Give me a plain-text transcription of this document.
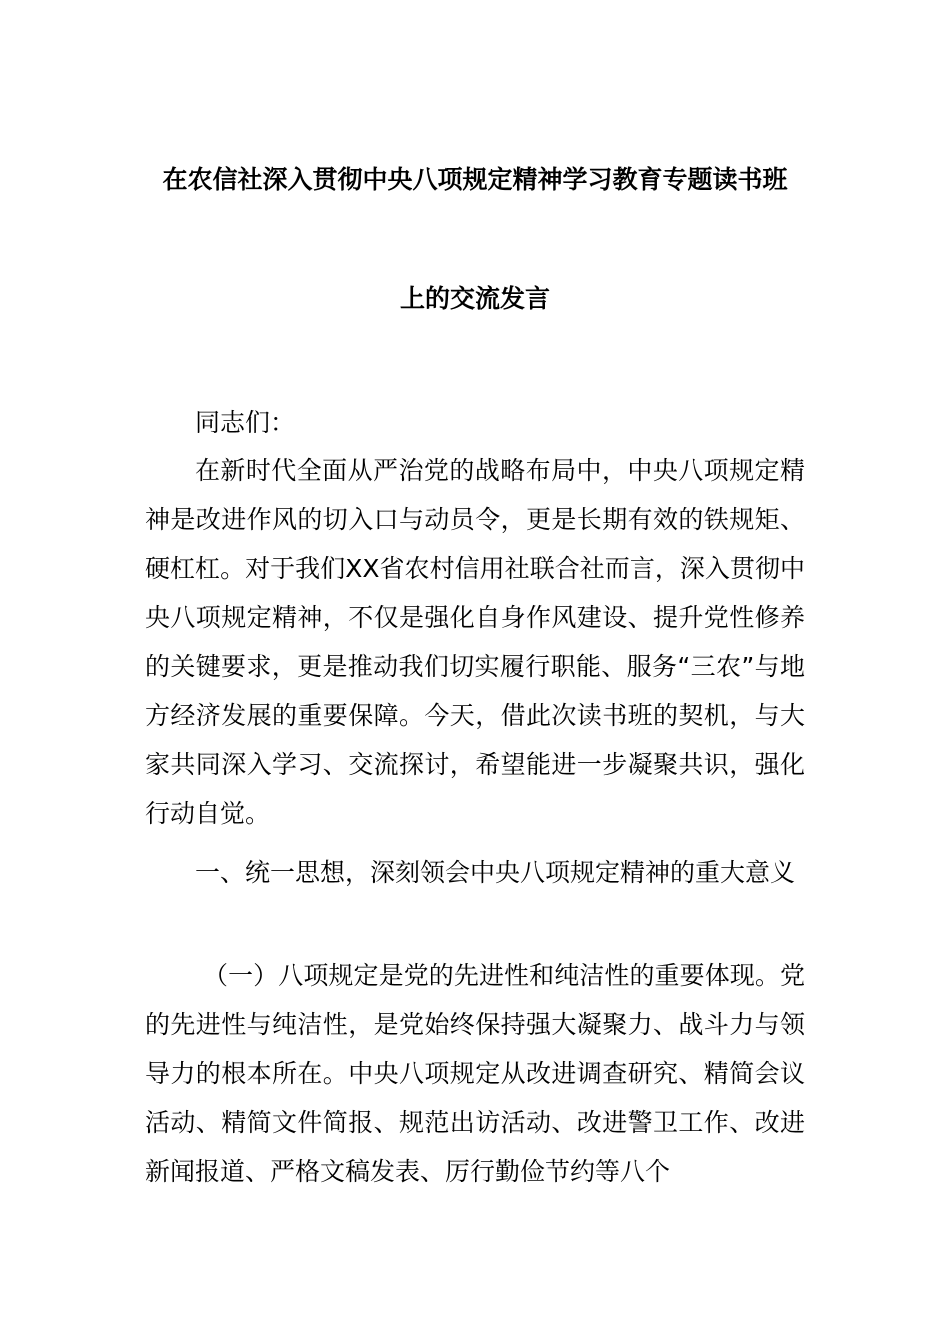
在农信社深入贯彻中央八项规定精神学习教育专题读书班
上的交流发言

同志们：

在新时代全面从严治党的战略布局中，中央八项规定精神是改进作风的切入口与动员令，更是长期有效的铁规矩、硬杠杠。对于我们XX省农村信用社联合社而言，深入贯彻中央八项规定精神，不仅是强化自身作风建设、提升党性修养的关键要求，更是推动我们切实履行职能、服务“三农”与地方经济发展的重要保障。今天，借此次读书班的契机，与大家共同深入学习、交流探讨，希望能进一步凝聚共识，强化行动自觉。

一、统一思想，深刻领会中央八项规定精神的重大意义

（一）八项规定是党的先进性和纯洁性的重要体现。党的先进性与纯洁性，是党始终保持强大凝聚力、战斗力与领导力的根本所在。中央八项规定从改进调查研究、精简会议活动、精简文件简报、规范出访活动、改进警卫工作、改进新闻报道、严格文稿发表、厉行勤俭节约等八个
